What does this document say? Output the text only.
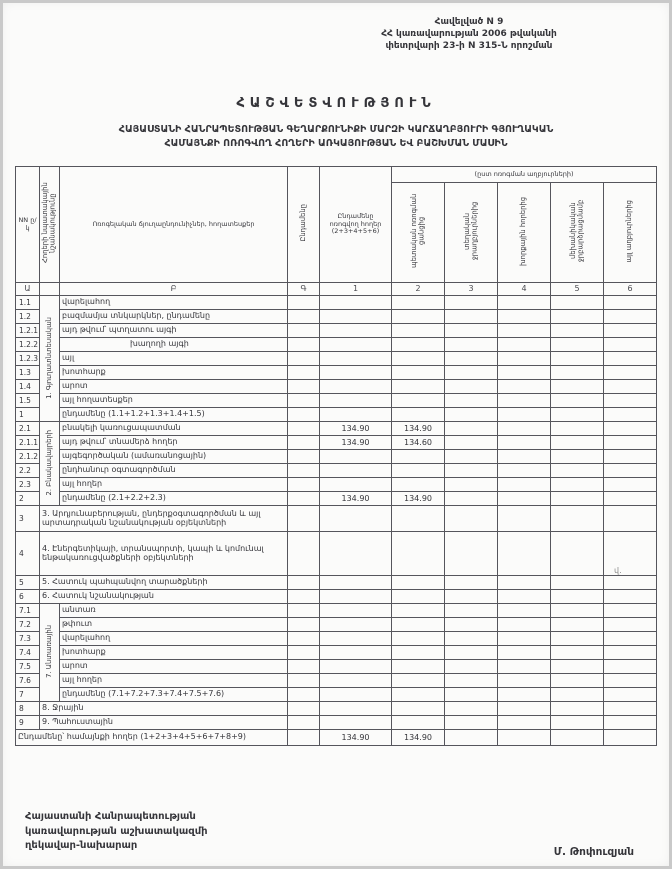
Հավելված N 9
ՀՀ կառավարության 2006 թվականի
փետրվարի 23-ի N 315-Ն որոշման
ՀԱՇՎԵՏՎՈՒԹՅՈՒՆ
ՀԱՅԱՍՏԱՆԻ ՀԱՆՐԱՊԵՏՈՒԹՅԱՆ ԳԵՂԱՐՔՈՒՆԻՔԻ ՄԱՐԶԻ ԿԱՐՃԱՂԲՅՈՒՐԻ ԳՅՈՒՂԱԿԱՆ
ՀԱՄԱՅՆՔԻ ՈՌՈԳՎՈՂ ՀՈՂԵՐԻ ԱՌԿԱՅՈՒԹՅԱՆ ԵՎ ԲԱՇԽՄԱՆ ՄԱՍԻՆ
NN ը/կ	Հողերի նպատակային նշանակությունը	Ոռոգելական ճյուղաընդունիչներ, հողատեսքեր	Ընդամենը	Ընդամենը ոռոգվող հողեր (2+3+4+5+6)	(ըստ ոռոգման աղբյուրների)				
					պետական ոռոգման ցանցից	տեղական ջրաղբյուրներից	խորքային հորերից	մեխանիկական ջրբարձրացմամբ	այլ աղբյուրներից
Ա		Բ	Գ	1	2	3	4	5	6
1.1	1. Գյուղատնտեսական	վարելահող							
1.2		բազմամյա տնկարկներ, ընդամենը							
1.2.1		այդ թվում՝ պտղատու այգի							
1.2.2		խաղողի այգի							
1.2.3		այլ							
1.3		խոտհարք							
1.4		արոտ							
1.5		այլ հողատեսքեր							
1		ընդամենը (1.1+1.2+1.3+1.4+1.5)							
2.1	2. Բնակավայրերի	բնակելի կառուցապատման		134.90	134.90				
2.1.1		այդ թվում՝ տնամերձ հողեր		134.90	134.60				
2.1.2		այգեգործական (ամառանոցային)							
2.2		ընդհանուր օգտագործման							
2.3		այլ հողեր							
2		ընդամենը (2.1+2.2+2.3)		134.90	134.90				
3	3. Արդյունաբերության, ընդերքօգտագործման և այլ արտադրական նշանակության օբյեկտների								
4	4. Էներգետիկայի, տրանսպորտի, կապի և կոմունալ ենթակառուցվածքների օբյեկտների								
5	5. Հատուկ պահպանվող տարածքների								
6	6. Հատուկ նշանակության								
7.1	7. Անտառային	անտառ							
7.2		թփուտ							
7.3		վարելահող							
7.4		խոտհարք							
7.5		արոտ							
7.6		այլ հողեր							
7		ընդամենը (7.1+7.2+7.3+7.4+7.5+7.6)							
8	8. Ջրային								
9	9. Պահուստային								
Ընդամենը՝ համայնքի հողեր (1+2+3+4+5+6+7+8+9)				134.90	134.90				
Հայաստանի Հանրապետության
կառավարության աշխատակազմի
ղեկավար-նախարար
Մ. Թոփուզյան
վ.
